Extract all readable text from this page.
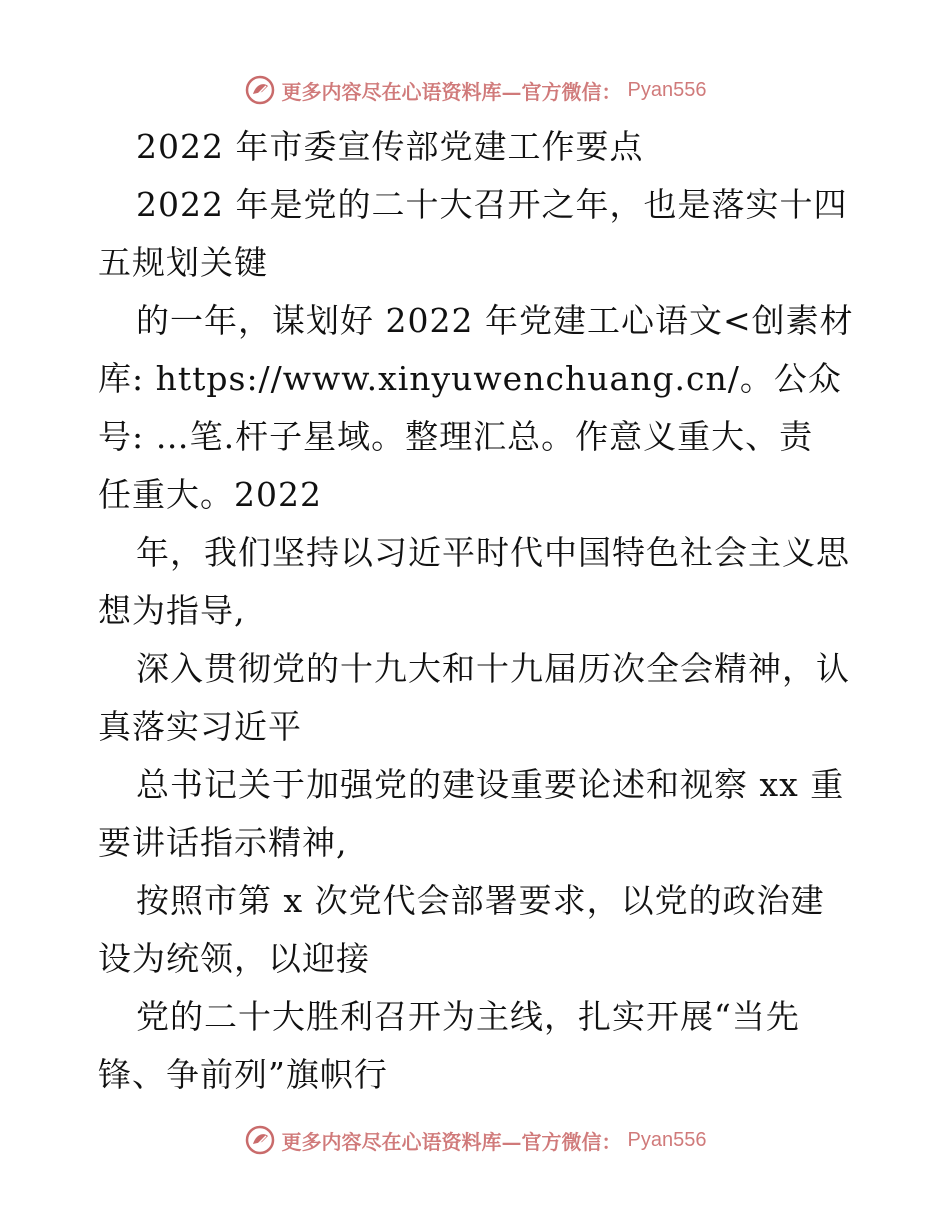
更多内容尽在心语资料库—官方微信： Pyan556
2022 年市委宣传部党建工作要点
2022 年是党的二十大召开之年，也是落实十四
五规划关键
的一年，谋划好 2022 年党建工心语文<创素材
库: https://www.xinyuwenchuang.cn/。公众
号: …笔.杆子星域。整理汇总。作意义重大、责
任重大。2022
年，我们坚持以习近平时代中国特色社会主义思
想为指导,
深入贯彻党的十九大和十九届历次全会精神，认
真落实习近平
总书记关于加强党的建设重要论述和视察 xx 重
要讲话指示精神,
按照市第 x 次党代会部署要求，以党的政治建
设为统领，以迎接
党的二十大胜利召开为主线，扎实开展“当先
锋、争前列”旗帜行
更多内容尽在心语资料库—官方微信： Pyan556
